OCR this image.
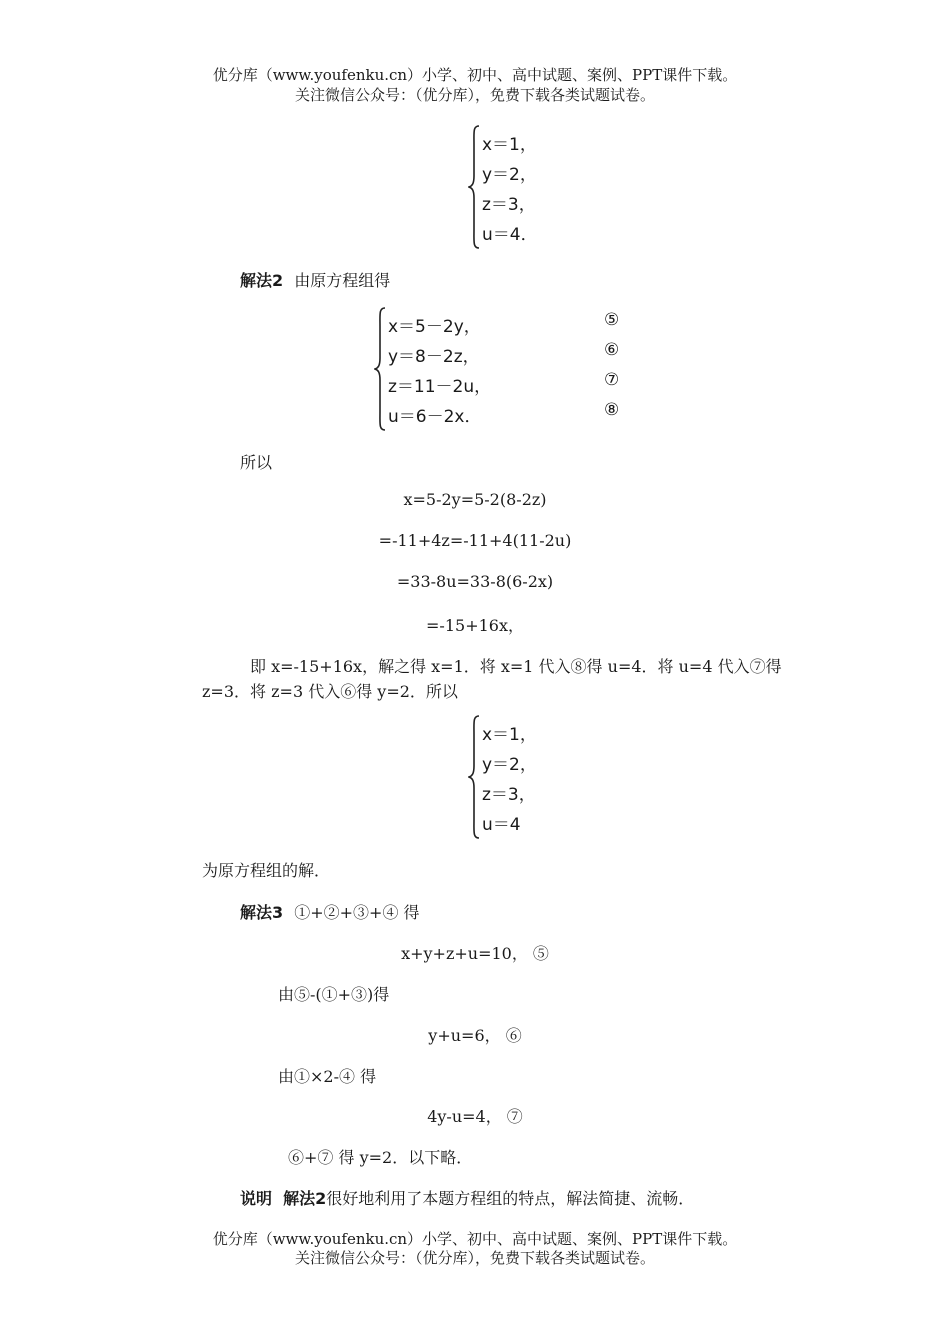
优分库（www.youfenku.cn）小学、初中、高中试题、案例、PPT课件下载。
关注微信公众号：（优分库），免费下载各类试题试卷。
x＝1，
y＝2，
z＝3，
u＝4．
解法2 由原方程组得
x＝5－2y，
y＝8－2z，
z＝11－2u，
u＝6－2x．
⑤
⑥
⑦
⑧
所以
x=5-2y=5-2(8-2z)
=-11+4z=-11+4(11-2u)
=33-8u=33-8(6-2x)
=-15+16x，
即 x=-15+16x，解之得 x=1．将 x=1 代入⑧得 u=4．将 u=4 代入⑦得
z=3．将 z=3 代入⑥得 y=2．所以
x＝1，
y＝2，
z＝3，
u＝4
为原方程组的解．
解法3 ①+②+③+④ 得
x+y+z+u=10， ⑤
由⑤-(①+③)得
y+u=6， ⑥
由①×2-④ 得
4y-u=4， ⑦
⑥+⑦ 得 y=2．以下略．
说明 解法2很好地利用了本题方程组的特点，解法简捷、流畅．
优分库（www.youfenku.cn）小学、初中、高中试题、案例、PPT课件下载。
关注微信公众号：（优分库），免费下载各类试题试卷。
